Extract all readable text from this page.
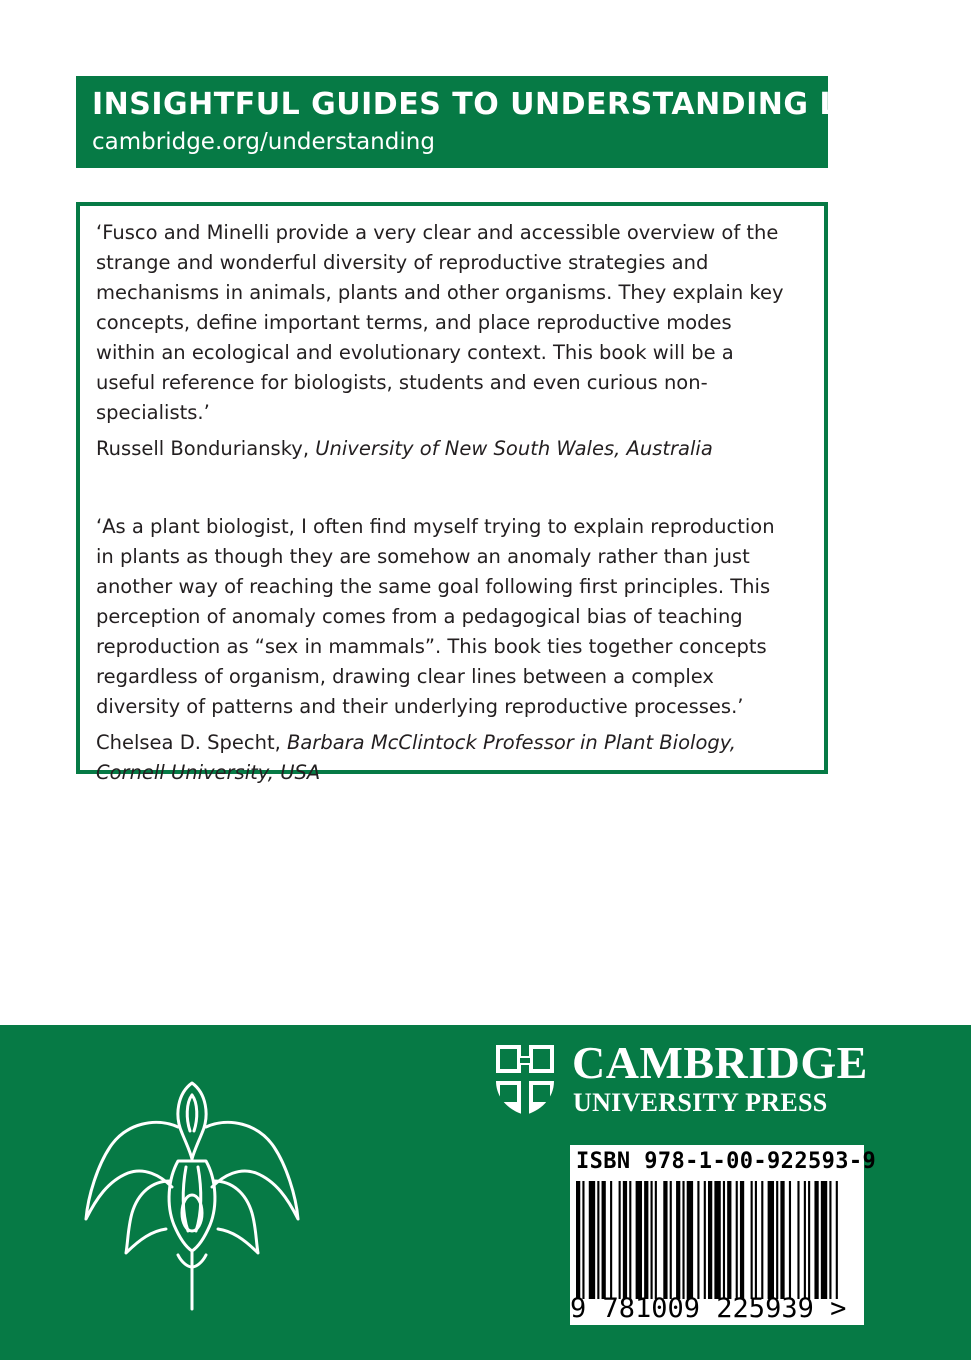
INSIGHTFUL GUIDES TO UNDERSTANDING LIFE
cambridge.org/understanding

‘Fusco and Minelli provide a very clear and accessible overview of the strange and wonderful diversity of reproductive strategies and mechanisms in animals, plants and other organisms. They explain key concepts, define important terms, and place reproductive modes within an ecological and evolutionary context. This book will be a useful reference for biologists, students and even curious non-specialists.’

Russell Bonduriansky, University of New South Wales, Australia

‘As a plant biologist, I often find myself trying to explain reproduction in plants as though they are somehow an anomaly rather than just another way of reaching the same goal following first principles. This perception of anomaly comes from a pedagogical bias of teaching reproduction as “sex in mammals”. This book ties together concepts regardless of organism, drawing clear lines between a complex diversity of patterns and their underlying reproductive processes.’

Chelsea D. Specht, Barbara McClintock Professor in Plant Biology, Cornell University, USA

CAMBRIDGE
UNIVERSITY PRESS
ISBN 978-1-00-922593-9
9 781009 225939 >
